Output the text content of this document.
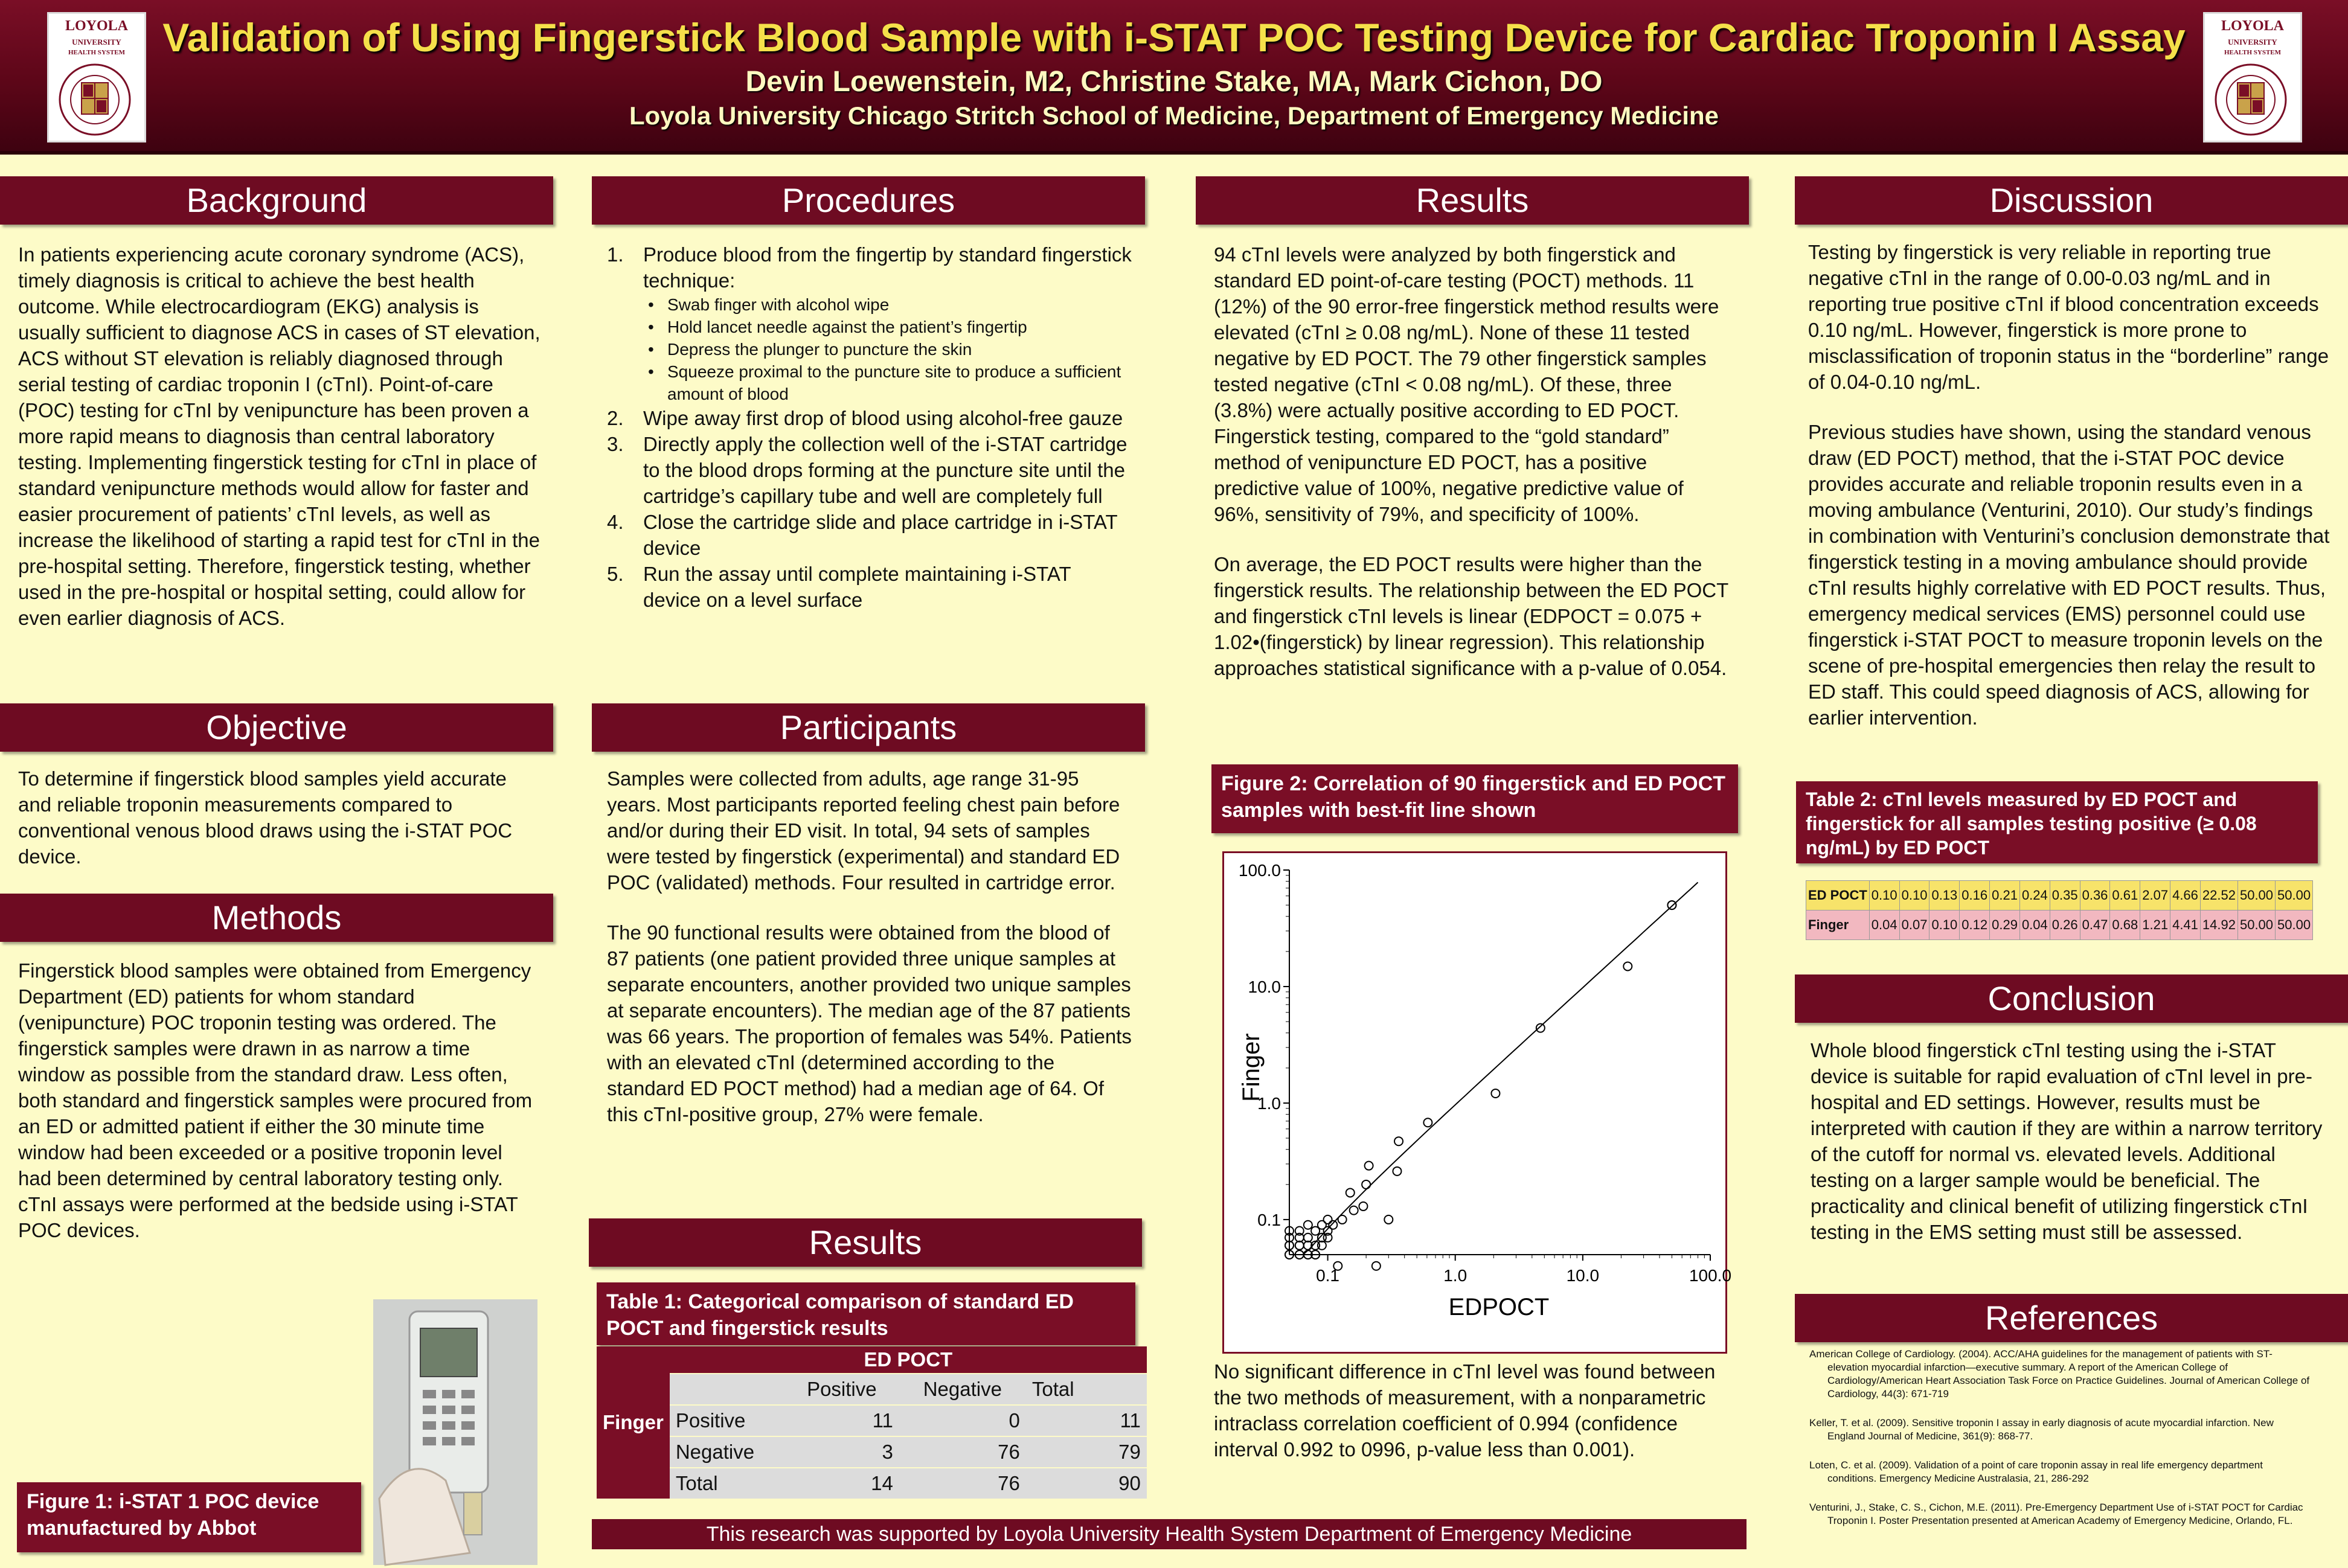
LOYOLA
UNIVERSITY
HEALTH SYSTEM Validation of Using Fingerstick Blood Sample with i-STAT POC Testing Device for Cardiac Troponin I Assay
Devin Loewenstein, M2, Christine Stake, MA, Mark Cichon, DO
Loyola University Chicago Stritch School of Medicine, Department of Emergency Medicine
LOYOLA
UNIVERSITY
HEALTH SYSTEM
Background
In patients experiencing acute coronary syndrome (ACS), timely diagnosis is critical to achieve the best health outcome. While electrocardiogram (EKG) analysis is usually sufficient to diagnose ACS in cases of ST elevation, ACS without ST elevation is reliably diagnosed through serial testing of cardiac troponin I (cTnI). Point-of-care (POC) testing for cTnI by venipuncture has been proven a more rapid means to diagnosis than central laboratory testing. Implementing fingerstick testing for cTnI in place of standard venipuncture methods would allow for faster and easier procurement of patients’ cTnI levels, as well as increase the likelihood of starting a rapid test for cTnI in the pre-hospital setting. Therefore, fingerstick testing, whether used in the pre-hospital or hospital setting, could allow for even earlier diagnosis of ACS.
Objective
To determine if fingerstick blood samples yield accurate and reliable troponin measurements compared to conventional venous blood draws using the i-STAT POC device.
Methods
Fingerstick blood samples were obtained from Emergency Department (ED) patients for whom standard (venipuncture) POC troponin testing was ordered. The fingerstick samples were drawn in as narrow a time window as possible from the standard draw. Less often, both standard and fingerstick samples were procured from an ED or admitted patient if either the 30 minute time window had been exceeded or a positive troponin level had been determined by central laboratory testing only. cTnI assays were performed at the bedside using i-STAT POC devices.
Figure 1: i-STAT 1 POC device manufactured by Abbot
Procedures
1. Produce blood from the fingertip by standard fingerstick technique:
• Swab finger with alcohol wipe
• Hold lancet needle against the patient’s fingertip
• Depress the plunger to puncture the skin
• Squeeze proximal to the puncture site to produce a sufficient amount of blood
2. Wipe away first drop of blood using alcohol-free gauze
3. Directly apply the collection well of the i-STAT cartridge to the blood drops forming at the puncture site until the cartridge’s capillary tube and well are completely full
4. Close the cartridge slide and place cartridge in i-STAT device
5. Run the assay until complete maintaining i-STAT device on a level surface
Participants

Samples were collected from adults, age range 31-95 years. Most participants reported feeling chest pain before and/or during their ED visit. In total, 94 sets of samples were tested by fingerstick (experimental) and standard ED POC (validated) methods. Four resulted in cartridge error.

The 90 functional results were obtained from the blood of 87 patients (one patient provided three unique samples at separate encounters, another provided two unique samples at separate encounters). The median age of the 87 patients was 66 years. The proportion of females was 54%. Patients with an elevated cTnI (determined according to the standard ED POCT method) had a median age of 64. Of this cTnI-positive group, 27% were female.

Results
Table 1: Categorical comparison of standard ED POCT and fingerstick results
Finger	ED POCT			
		Positive	Negative	Total
	Positive	11	0	11
	Negative	3	76	79
	Total	14	76	90
Results

94 cTnI levels were analyzed by both fingerstick and standard ED point-of-care testing (POCT) methods. 11 (12%) of the 90 error-free fingerstick method results were elevated (cTnI ≥ 0.08 ng/mL). None of these 11 tested negative by ED POCT. The 79 other fingerstick samples tested negative (cTnI < 0.08 ng/mL). Of these, three (3.8%) were actually positive according to ED POCT. Fingerstick testing, compared to the “gold standard” method of venipuncture ED POCT, has a positive predictive value of 100%, negative predictive value of 96%, sensitivity of 79%, and specificity of 100%.

On average, the ED POCT results were higher than the fingerstick results. The relationship between the ED POCT and fingerstick cTnI levels is linear (EDPOCT = 0.075 + 1.02•(fingerstick) by linear regression). This relationship approaches statistical significance with a p-value of 0.054.

Figure 2: Correlation of 90 fingerstick and ED POCT samples with best-fit line shown
0.1	1.0	10.0	100.0
0.1
1.0
10.0
100.0
EDPOCT
Finger
No significant difference in cTnI level was found between the two methods of measurement, with a nonparametric intraclass correlation coefficient of 0.994 (confidence interval 0.992 to 0996, p-value less than 0.001).
This research was supported by Loyola University Health System Department of Emergency Medicine
Discussion

Testing by fingerstick is very reliable in reporting true negative cTnI in the range of 0.00-0.03 ng/mL and in reporting true positive cTnI if blood concentration exceeds 0.10 ng/mL. However, fingerstick is more prone to misclassification of troponin status in the “borderline” range of 0.04-0.10 ng/mL.

Previous studies have shown, using the standard venous draw (ED POCT) method, that the i-STAT POC device provides accurate and reliable troponin results even in a moving ambulance (Venturini, 2010). Our study’s findings in combination with Venturini’s conclusion demonstrate that fingerstick testing in a moving ambulance should provide cTnI results highly correlative with ED POCT results. Thus, emergency medical services (EMS) personnel could use fingerstick i-STAT POCT to measure troponin levels on the scene of pre-hospital emergencies then relay the result to ED staff. This could speed diagnosis of ACS, allowing for earlier intervention.

Table 2: cTnI levels measured by ED POCT and fingerstick for all samples testing positive (≥ 0.08 ng/mL) by ED POCT
ED POCT	0.10	0.10	0.13	0.16	0.21	0.24	0.35	0.36	0.61	2.07	4.66	22.52	50.00	50.00
Finger	0.04	0.07	0.10	0.12	0.29	0.04	0.26	0.47	0.68	1.21	4.41	14.92	50.00	50.00
Conclusion
Whole blood fingerstick cTnI testing using the i-STAT device is suitable for rapid evaluation of cTnI level in pre-hospital and ED settings. However, results must be interpreted with caution if they are within a narrow territory of the cutoff for normal vs. elevated levels. Additional testing on a larger sample would be beneficial. The practicality and clinical benefit of utilizing fingerstick cTnI testing in the EMS setting must still be assessed.
References
American College of Cardiology. (2004). ACC/AHA guidelines for the management of patients with ST-elevation myocardial infarction—executive summary. A report of the American College of Cardiology/American Heart Association Task Force on Practice Guidelines. Journal of American College of Cardiology, 44(3): 671-719
Keller, T. et al. (2009). Sensitive troponin I assay in early diagnosis of acute myocardial infarction. New England Journal of Medicine, 361(9): 868-77.
Loten, C. et al. (2009). Validation of a point of care troponin assay in real life emergency department conditions. Emergency Medicine Australasia, 21, 286-292
Venturini, J., Stake, C. S., Cichon, M.E. (2011). Pre-Emergency Department Use of i-STAT POCT for Cardiac Troponin I. Poster Presentation presented at American Academy of Emergency Medicine, Orlando, FL.
